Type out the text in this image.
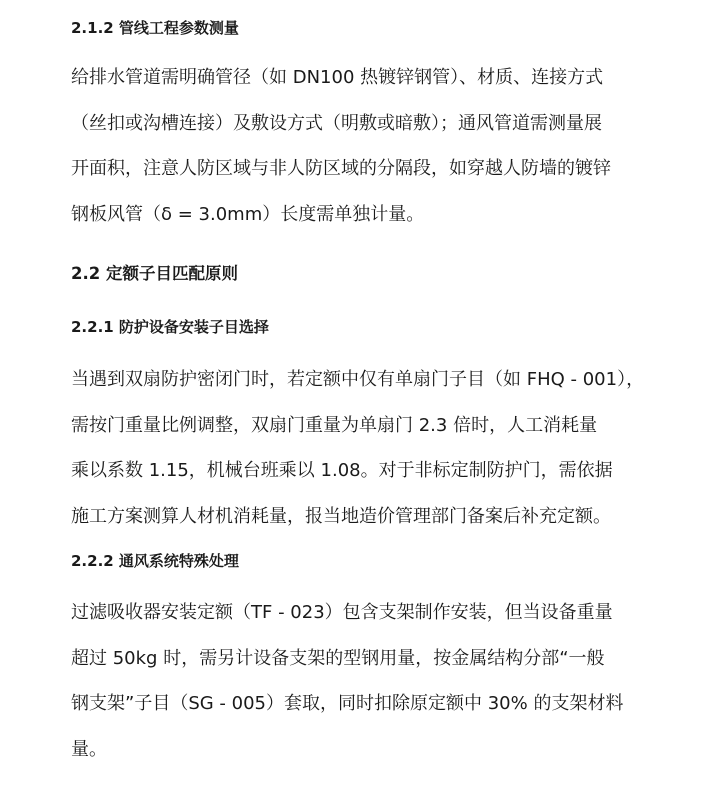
2.1.2 管线工程参数测量
给排水管道需明确管径（如 DN100 热镀锌钢管）、材质、连接方式
（丝扣或沟槽连接）及敷设方式（明敷或暗敷）；通风管道需测量展
开面积，注意人防区域与非人防区域的分隔段，如穿越人防墙的镀锌
钢板风管（δ = 3.0mm）长度需单独计量。
2.2 定额子目匹配原则
2.2.1 防护设备安装子目选择
当遇到双扇防护密闭门时，若定额中仅有单扇门子目（如 FHQ - 001），
需按门重量比例调整，双扇门重量为单扇门 2.3 倍时，人工消耗量
乘以系数 1.15，机械台班乘以 1.08。对于非标定制防护门，需依据
施工方案测算人材机消耗量，报当地造价管理部门备案后补充定额。
2.2.2 通风系统特殊处理
过滤吸收器安装定额（TF - 023）包含支架制作安装，但当设备重量
超过 50kg 时，需另计设备支架的型钢用量，按金属结构分部“一般
钢支架”子目（SG - 005）套取，同时扣除原定额中 30% 的支架材料
量。
